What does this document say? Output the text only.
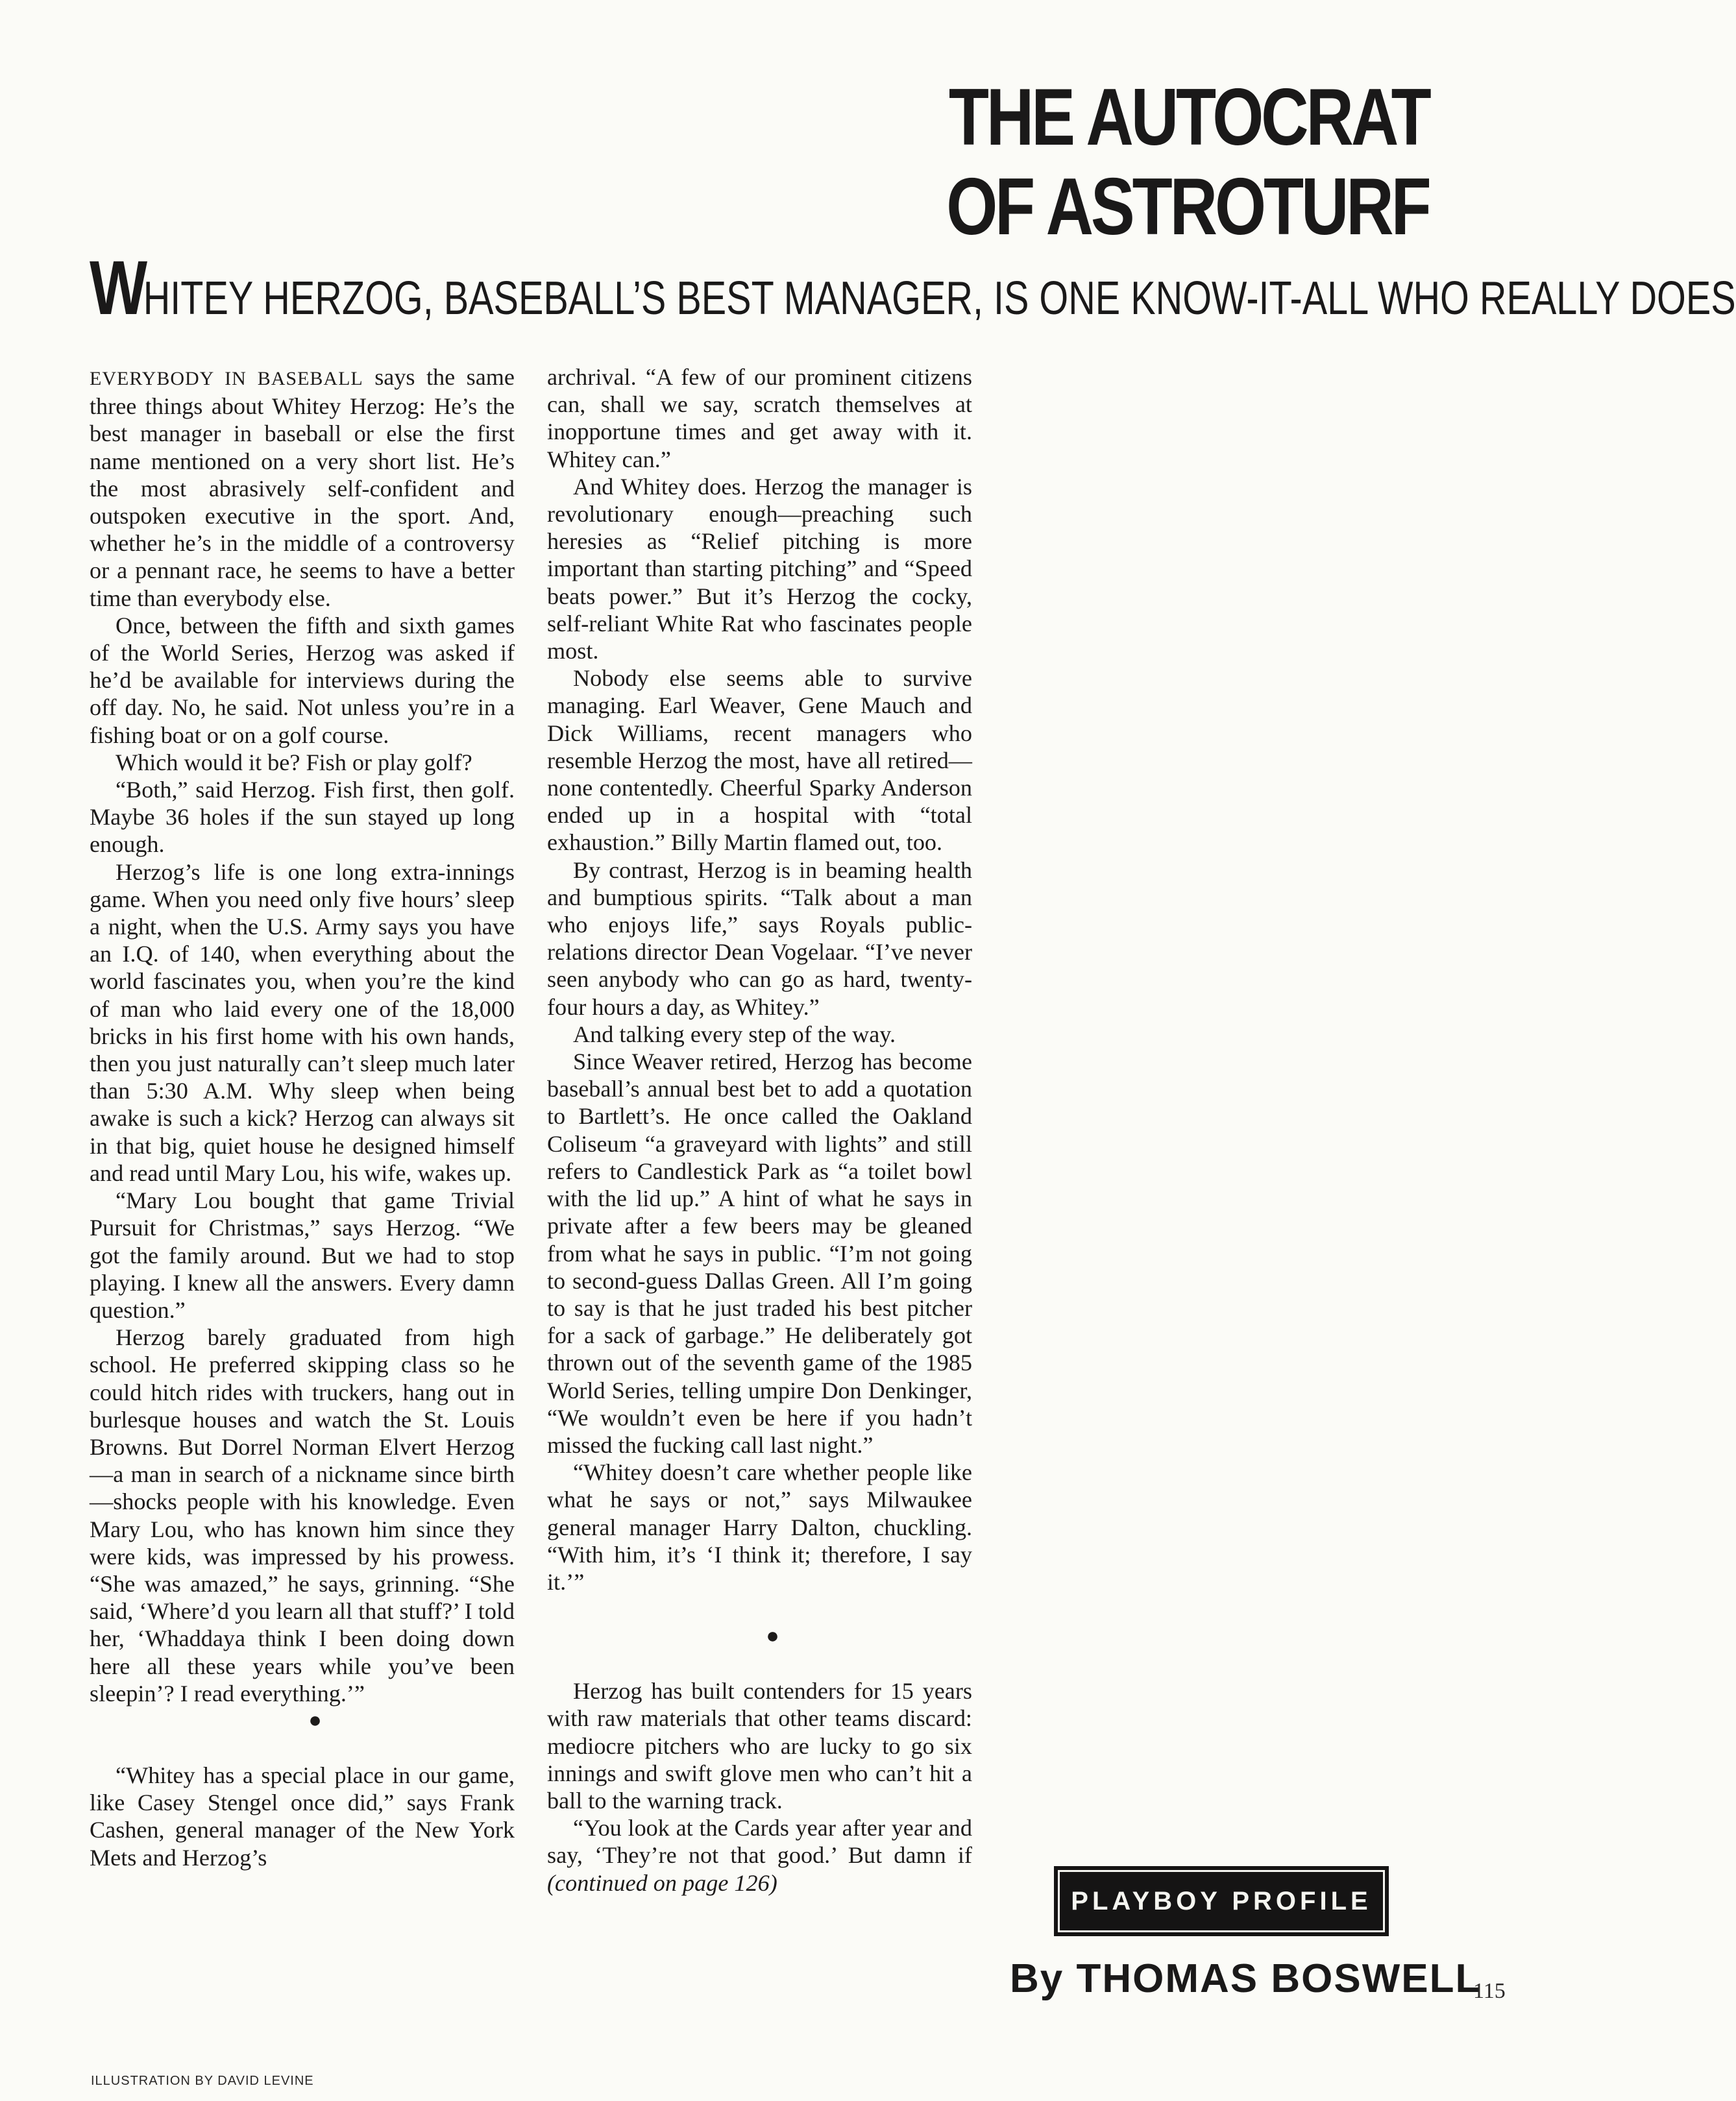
THE AUTOCRAT
OF ASTROTURF
WHITEY HERZOG, BASEBALL’S BEST MANAGER, IS ONE KNOW-IT-ALL WHO REALLY DOES

EVERYBODY IN BASEBALL says the same three things about Whitey Herzog: He’s the best manager in baseball or else the first name mentioned on a very short list. He’s the most abrasively self-confident and outspoken executive in the sport. And, whether he’s in the middle of a controversy or a pennant race, he seems to have a better time than everybody else.

Once, between the fifth and sixth games of the World Series, Herzog was asked if he’d be available for interviews during the off day. No, he said. Not unless you’re in a fishing boat or on a golf course.

Which would it be? Fish or play golf?

“Both,” said Herzog. Fish first, then golf. Maybe 36 holes if the sun stayed up long enough.

Herzog’s life is one long extra-innings game. When you need only five hours’ sleep a night, when the U.S. Army says you have an I.Q. of 140, when everything about the world fascinates you, when you’re the kind of man who laid every one of the 18,000 bricks in his first home with his own hands, then you just naturally can’t sleep much later than 5:30 A.M. Why sleep when being awake is such a kick? Herzog can always sit in that big, quiet house he designed himself and read until Mary Lou, his wife, wakes up.

“Mary Lou bought that game Trivial Pursuit for Christmas,” says Herzog. “We got the family around. But we had to stop playing. I knew all the answers. Every damn question.”

Herzog barely graduated from high school. He preferred skipping class so he could hitch rides with truckers, hang out in burlesque houses and watch the St. Louis Browns. But Dorrel Norman Elvert Herzog—a man in search of a nickname since birth—shocks people with his knowledge. Even Mary Lou, who has known him since they were kids, was impressed by his prowess. “She was amazed,” he says, grinning. “She said, ‘Where’d you learn all that stuff?’ I told her, ‘Whaddaya think I been doing down here all these years while you’ve been sleepin’? I read everything.’”

●

“Whitey has a special place in our game, like Casey Stengel once did,” says Frank Cashen, general manager of the New York Mets and Herzog’s

archrival. “A few of our prominent citizens can, shall we say, scratch themselves at inopportune times and get away with it. Whitey can.”

And Whitey does. Herzog the manager is revolutionary enough—preaching such heresies as “Relief pitching is more important than starting pitching” and “Speed beats power.” But it’s Herzog the cocky, self-reliant White Rat who fascinates people most.

Nobody else seems able to survive managing. Earl Weaver, Gene Mauch and Dick Williams, recent managers who resemble Herzog the most, have all retired—none contentedly. Cheerful Sparky Anderson ended up in a hospital with “total exhaustion.” Billy Martin flamed out, too.

By contrast, Herzog is in beaming health and bumptious spirits. “Talk about a man who enjoys life,” says Royals public-relations director Dean Vogelaar. “I’ve never seen anybody who can go as hard, twenty-four hours a day, as Whitey.”

And talking every step of the way.

Since Weaver retired, Herzog has become baseball’s annual best bet to add a quotation to Bartlett’s. He once called the Oakland Coliseum “a graveyard with lights” and still refers to Candlestick Park as “a toilet bowl with the lid up.” A hint of what he says in private after a few beers may be gleaned from what he says in public. “I’m not going to second-guess Dallas Green. All I’m going to say is that he just traded his best pitcher for a sack of garbage.” He deliberately got thrown out of the seventh game of the 1985 World Series, telling umpire Don Denkinger, “We wouldn’t even be here if you hadn’t missed the fucking call last night.”

“Whitey doesn’t care whether people like what he says or not,” says Milwaukee general manager Harry Dalton, chuckling. “With him, it’s ‘I think it; therefore, I say it.’”

●

Herzog has built contenders for 15 years with raw materials that other teams discard: mediocre pitchers who are lucky to go six innings and swift glove men who can’t hit a ball to the warning track.

“You look at the Cards year after year and say, ‘They’re not that good.’ But damn if (continued on page 126)

PLAYBOY PROFILE
By THOMAS BOSWELL
115
ILLUSTRATION BY DAVID LEVINE
